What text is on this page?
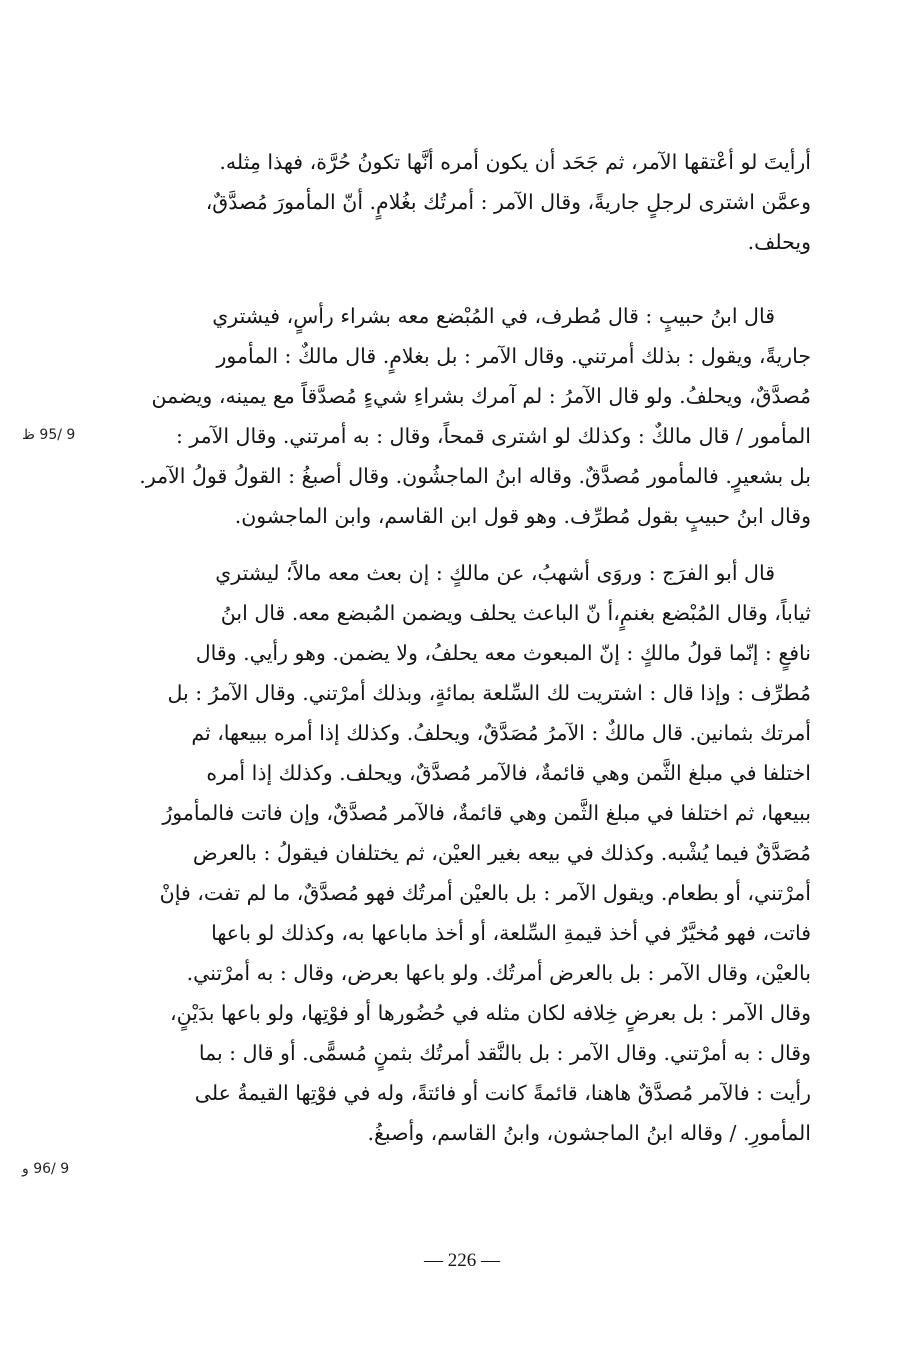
أرأيتَ لو أعْتقها الآمر، ثم جَحَد أن يكون أمره أنَّها تكونُ حُرَّة، فهذا مِثله.
وعمَّن اشترى لرجلٍ جاريةً، وقال الآمر : أمرتُك بغُلامٍ. أنّ المأمورَ مُصدَّقٌ،
ويحلف.
قال ابنُ حبيبٍ : قال مُطرف، في المُبْضع معه بشراء رأسٍ، فيشتري
جاريةً، ويقول : بذلك أمرتني. وقال الآمر : بل بغلامٍ. قال مالكٌ : المأمور
مُصدَّقٌ، ويحلفُ. ولو قال الآمرُ : لم آمرك بشراءِ شيءٍ مُصدَّقاً مع يمينه، ويضمن
المأمور / قال مالكٌ : وكذلك لو اشترى قمحاً، وقال : به أمرتني. وقال الآمر :
بل بشعيرٍ. فالمأمور مُصدَّقٌ. وقاله ابنُ الماجشُون. وقال أصبغُ : القولُ قولُ الآمر.
وقال ابنُ حبيبٍ بقول مُطرِّف. وهو قول ابن القاسم، وابن الماجشون.
قال أبو الفرَج : وروَى أشهبُ، عن مالكٍ : إن بعث معه مالاً؛ ليشتري
ثياباً، وقال المُبْضع بغنمٍ،أ نّ الباعث يحلف ويضمن المُبضع معه. قال ابنُ
نافعٍ : إنّما قولُ مالكٍ : إنّ المبعوث معه يحلفُ، ولا يضمن. وهو رأيي. وقال
مُطرِّف : وإذا قال : اشتريت لك السِّلعة بمائةٍ، وبذلك أمرْتني. وقال الآمرُ : بل
أمرتك بثمانين. قال مالكٌ : الآمرُ مُصَدَّقٌ، ويحلفُ. وكذلك إذا أمره ببيعها، ثم
اختلفا في مبلغ الثَّمن وهي قائمةٌ، فالآمر مُصدَّقٌ، ويحلف. وكذلك إذا أمره
ببيعها، ثم اختلفا في مبلغ الثَّمن وهي قائمةٌ، فالآمر مُصدَّقٌ، وإن فاتت فالمأمورُ
مُصَدَّقٌ فيما يُشْبه. وكذلك في بيعه بغير العيْن، ثم يختلفان فيقولُ : بالعرض
أمرْتني، أو بطعام. ويقول الآمر : بل بالعيْن أمرتُك فهو مُصدَّقٌ، ما لم تفت، فإنْ
فاتت، فهو مُخيَّرٌ في أخذ قيمةِ السِّلعة، أو أخذ ماباعها به، وكذلك لو باعها
بالعيْن، وقال الآمر : بل بالعرض أمرتُك. ولو باعها بعرض، وقال : به أمرْتني.
وقال الآمر : بل بعرضٍ خِلافه لكان مثله في حُضُورها أو فوْتِها، ولو باعها بدَيْنٍ،
وقال : به أمرْتني. وقال الآمر : بل بالنَّقد أمرتُك بثمنٍ مُسمًّى. أو قال : بما
رأيت : فالآمر مُصدَّقٌ هاهنا، قائمةً كانت أو فائتةً، وله في فوْتِها القيمةُ على
المأمورِ. / وقاله ابنُ الماجشون، وابنُ القاسم، وأصبغُ.
9 /95 ظ
9 /96 و
— 226 —
